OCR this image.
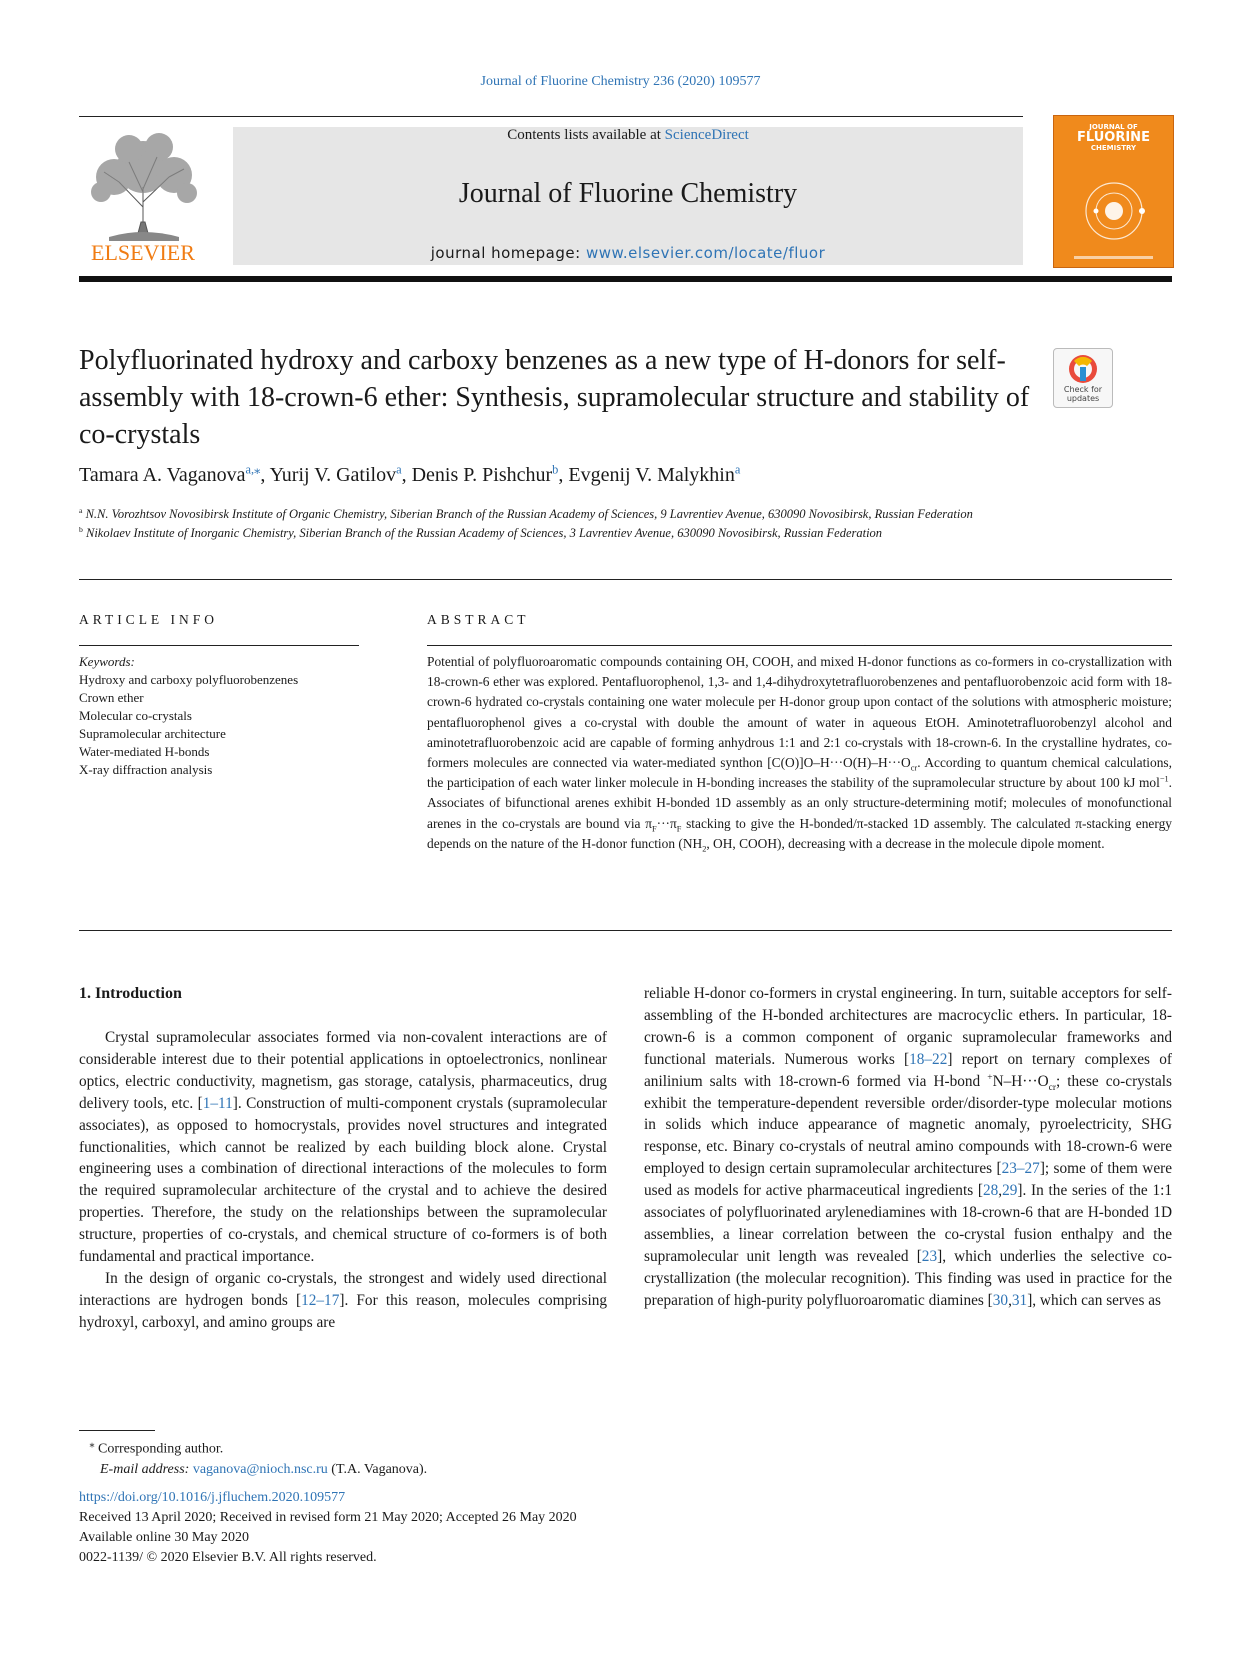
Journal of Fluorine Chemistry 236 (2020) 109577
ELSEVIER
Contents lists available at ScienceDirect
Journal of Fluorine Chemistry
journal homepage: www.elsevier.com/locate/fluor
JOURNAL OF
FLUORINE
CHEMISTRY
Polyfluorinated hydroxy and carboxy benzenes as a new type of H-donors for self-assembly with 18-crown-6 ether: Synthesis, supramolecular structure and stability of co-crystals
Check for updates
Tamara A. Vaganova$^{a,⁎}$, Yurij V. Gatilov$^a$, Denis P. Pishchur$^b$, Evgenij V. Malykhin$^a$

$^a$ N.N. Vorozhtsov Novosibirsk Institute of Organic Chemistry, Siberian Branch of the Russian Academy of Sciences, 9 Lavrentiev Avenue, 630090 Novosibirsk, Russian Federation

$^b$ Nikolaev Institute of Inorganic Chemistry, Siberian Branch of the Russian Academy of Sciences, 3 Lavrentiev Avenue, 630090 Novosibirsk, Russian Federation

ARTICLE INFO	ABSTRACT
Keywords:
Hydroxy and carboxy polyfluorobenzenes
Crown ether
Molecular co-crystals
Supramolecular architecture
Water-mediated H-bonds
X-ray diffraction analysis
Potential of polyfluoroaromatic compounds containing OH, COOH, and mixed H-donor functions as co-formers in co-crystallization with 18-crown-6 ether was explored. Pentafluorophenol, 1,3- and 1,4-dihydroxytetrafluorobenzenes and pentafluorobenzoic acid form with 18-crown-6 hydrated co-crystals containing one water molecule per H-donor group upon contact of the solutions with atmospheric moisture; pentafluorophenol gives a co-crystal with double the amount of water in aqueous EtOH. Aminotetrafluorobenzyl alcohol and aminotetrafluorobenzoic acid are capable of forming anhydrous 1:1 and 2:1 co-crystals with 18-crown-6. In the crystalline hydrates, co-formers molecules are connected via water-mediated synthon $[C(O)]O-H\cdot\cdot\cdot O(H)-H\cdot\cdot\cdot O_{cr}$. According to quantum chemical calculations, the participation of each water linker molecule in H-bonding increases the stability of the supramolecular structure by about 100 kJ mol$^{-1}$. Associates of bifunctional arenes exhibit H-bonded 1D assembly as an only structure-determining motif; molecules of monofunctional arenes in the co-crystals are bound via $\pi_F\cdot\cdot\cdot\pi_F$ stacking to give the H-bonded/π-stacked 1D assembly. The calculated π-stacking energy depends on the nature of the H-donor function ($NH_2$, OH, COOH), decreasing with a decrease in the molecule dipole moment.
1. Introduction

Crystal supramolecular associates formed via non-covalent interactions are of considerable interest due to their potential applications in optoelectronics, nonlinear optics, electric conductivity, magnetism, gas storage, catalysis, pharmaceutics, drug delivery tools, etc. [1–11]. Construction of multi-component crystals (supramolecular associates), as opposed to homocrystals, provides novel structures and integrated functionalities, which cannot be realized by each building block alone. Crystal engineering uses a combination of directional interactions of the molecules to form the required supramolecular architecture of the crystal and to achieve the desired properties. Therefore, the study on the relationships between the supramolecular structure, properties of co-crystals, and chemical structure of co-formers is of both fundamental and practical importance.

In the design of organic co-crystals, the strongest and widely used directional interactions are hydrogen bonds [12–17]. For this reason, molecules comprising hydroxyl, carboxyl, and amino groups are

reliable H-donor co-formers in crystal engineering. In turn, suitable acceptors for self-assembling of the H-bonded architectures are macrocyclic ethers. In particular, 18-crown-6 is a common component of organic supramolecular frameworks and functional materials. Numerous works [18–22] report on ternary complexes of anilinium salts with 18-crown-6 formed via H-bond $^+N-H\cdot\cdot\cdot O_{cr}$; these co-crystals exhibit the temperature-dependent reversible order/disorder-type molecular motions in solids which induce appearance of magnetic anomaly, pyroelectricity, SHG response, etc. Binary co-crystals of neutral amino compounds with 18-crown-6 were employed to design certain supramolecular architectures [23–27]; some of them were used as models for active pharmaceutical ingredients [28,29]. In the series of the 1:1 associates of polyfluorinated arylenediamines with 18-crown-6 that are H-bonded 1D assemblies, a linear correlation between the co-crystal fusion enthalpy and the supramolecular unit length was revealed [23], which underlies the selective co-crystallization (the molecular recognition). This finding was used in practice for the preparation of high-purity polyfluoroaromatic diamines [30,31], which can serves as

⁎ Corresponding author.
E-mail address: vaganova@nioch.nsc.ru (T.A. Vaganova).
https://doi.org/10.1016/j.jfluchem.2020.109577
Received 13 April 2020; Received in revised form 21 May 2020; Accepted 26 May 2020
Available online 30 May 2020
0022-1139/ © 2020 Elsevier B.V. All rights reserved.
